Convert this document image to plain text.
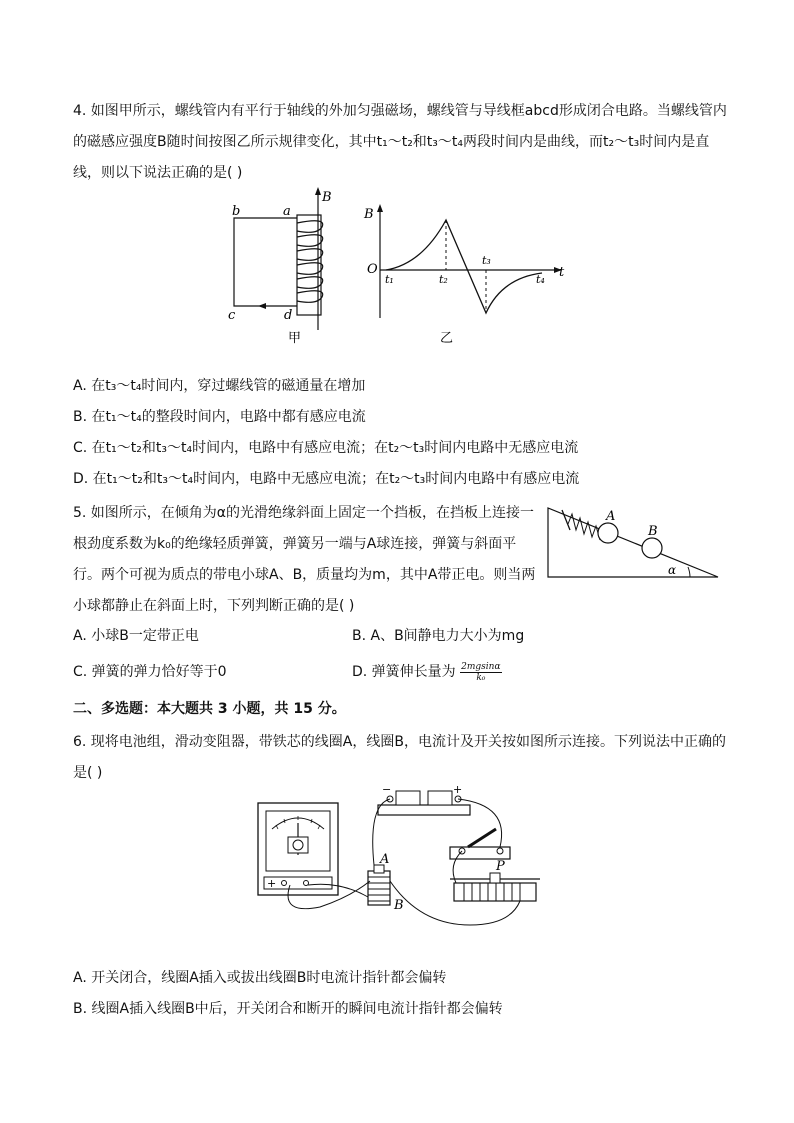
4. 如图甲所示，螺线管内有平行于轴线的外加匀强磁场，螺线管与导线框abcd形成闭合电路。当螺线管内
的磁感应强度B随时间按图乙所示规律变化，其中t₁～t₂和t₃～t₄两段时间内是曲线，而t₂～t₃时间内是直
线，则以下说法正确的是( )
b	a
B
c	d
甲
B
O	t
t₁	t₂
t₃
t₄
乙
A. 在t₃～t₄时间内，穿过螺线管的磁通量在增加
B. 在t₁～t₄的整段时间内，电路中都有感应电流
C. 在t₁～t₂和t₃～t₄时间内，电路中有感应电流；在t₂～t₃时间内电路中无感应电流
D. 在t₁～t₂和t₃～t₄时间内，电路中无感应电流；在t₂～t₃时间内电路中有感应电流
5. 如图所示，在倾角为α的光滑绝缘斜面上固定一个挡板，在挡板上连接一
根劲度系数为k₀的绝缘轻质弹簧，弹簧另一端与A球连接，弹簧与斜面平
行。两个可视为质点的带电小球A、B，质量均为m，其中A带正电。则当两
小球都静止在斜面上时，下列判断正确的是( )
A
B
α
A. 小球B一定带正电	B. A、B间静电力大小为mg
C. 弹簧的弹力恰好等于0	D. 弹簧伸长量为 $\frac{2mgsin\alpha}{\text{k₀}}$
二、多选题：本大题共 3 小题，共 15 分。
6. 现将电池组，滑动变阻器，带铁芯的线圈A，线圈B，电流计及开关按如图所示连接。下列说法中正确的
是( )
+
−	+
A
B
P
A. 开关闭合，线圈A插入或拔出线圈B时电流计指针都会偏转
B. 线圈A插入线圈B中后，开关闭合和断开的瞬间电流计指针都会偏转
